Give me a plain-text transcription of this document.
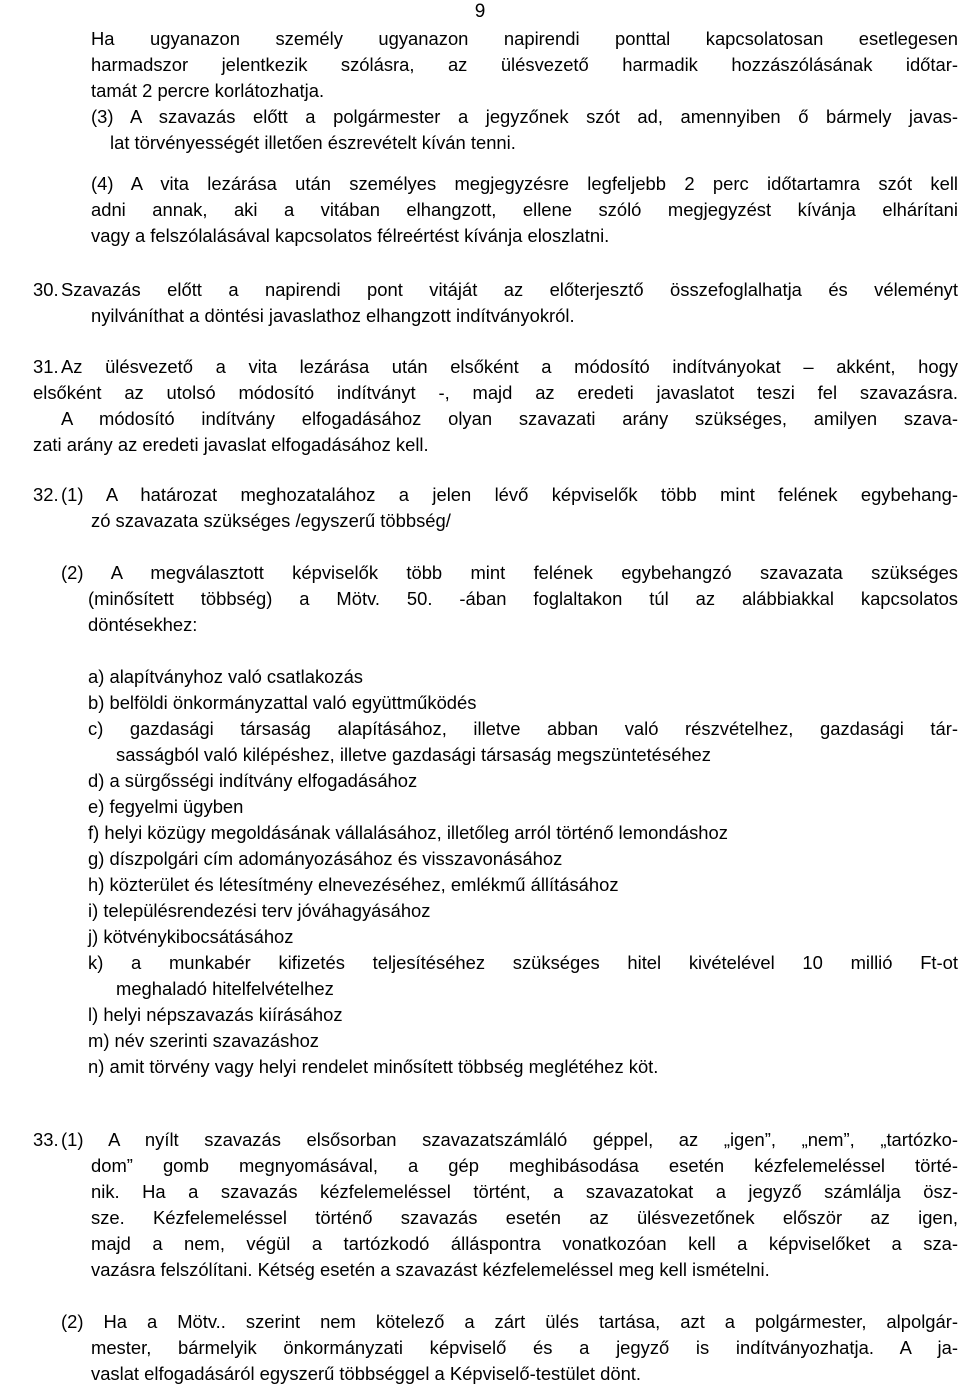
9
Ha ugyanazon személy ugyanazon napirendi ponttal kapcsolatosan esetlegesen
harmadszor jelentkezik szólásra, az ülésvezető harmadik hozzászólásának időtar-
tamát 2 percre korlátozhatja.
(3) A szavazás előtt a polgármester a jegyzőnek szót ad, amennyiben ő bármely javas-
lat törvényességét illetően észrevételt kíván tenni.
(4) A vita lezárása után személyes megjegyzésre legfeljebb 2 perc időtartamra szót kell
adni annak, aki a vitában elhangzott, ellene szóló megjegyzést kívánja elhárítani
vagy a felszólalásával kapcsolatos félreértést kívánja eloszlatni.
30. Szavazás előtt a napirendi pont vitáját az előterjesztő összefoglalhatja és véleményt
nyilváníthat a döntési javaslathoz elhangzott indítványokról.
31. Az ülésvezető a vita lezárása után elsőként a módosító indítványokat – akként, hogy
elsőként az utolsó módosító indítványt -, majd az eredeti javaslatot teszi fel szavazásra.
A módosító indítvány elfogadásához olyan szavazati arány szükséges, amilyen szava-
zati arány az eredeti javaslat elfogadásához kell.
32. (1) A határozat meghozatalához a jelen lévő képviselők több mint felének egybehang-
zó szavazata szükséges /egyszerű többség/
(2) A megválasztott képviselők több mint felének egybehangzó szavazata szükséges
(minősített többség) a Mötv. 50. -ában foglaltakon túl az alábbiakkal kapcsolatos
döntésekhez:
33. (1) A nyílt szavazás elsősorban szavazatszámláló géppel, az „igen”, „nem”, „tartózko-
dom” gomb megnyomásával, a gép meghibásodása esetén kézfelemeléssel törté-
nik. Ha a szavazás kézfelemeléssel történt, a szavazatokat a jegyző számlálja ösz-
sze. Kézfelemeléssel történő szavazás esetén az ülésvezetőnek először az igen,
majd a nem, végül a tartózkodó álláspontra vonatkozóan kell a képviselőket a sza-
vazásra felszólítani. Kétség esetén a szavazást kézfelemeléssel meg kell ismételni.
(2) Ha a Mötv.. szerint nem kötelező a zárt ülés tartása, azt a polgármester, alpolgár-
mester, bármelyik önkormányzati képviselő és a jegyző is indítványozhatja. A ja-
vaslat elfogadásáról egyszerű többséggel a Képviselő-testület dönt.
a) alapítványhoz való csatlakozás
b) belföldi önkormányzattal való együttműködés
c) gazdasági társaság alapításához, illetve abban való részvételhez, gazdasági tár-
sasságból való kilépéshez, illetve gazdasági társaság megszüntetéséhez
d) a sürgősségi indítvány elfogadásához
e) fegyelmi ügyben
f) helyi közügy megoldásának vállalásához, illetőleg arról történő lemondáshoz
g) díszpolgári cím adományozásához és visszavonásához
h) közterület és létesítmény elnevezéséhez, emlékmű állításához
i) településrendezési terv jóváhagyásához
j) kötvénykibocsátásához
k) a munkabér kifizetés teljesítéséhez szükséges hitel kivételével 10 millió Ft-ot
meghaladó hitelfelvételhez
l) helyi népszavazás kiírásához
m) név szerinti szavazáshoz
n) amit törvény vagy helyi rendelet minősített többség meglétéhez köt.
